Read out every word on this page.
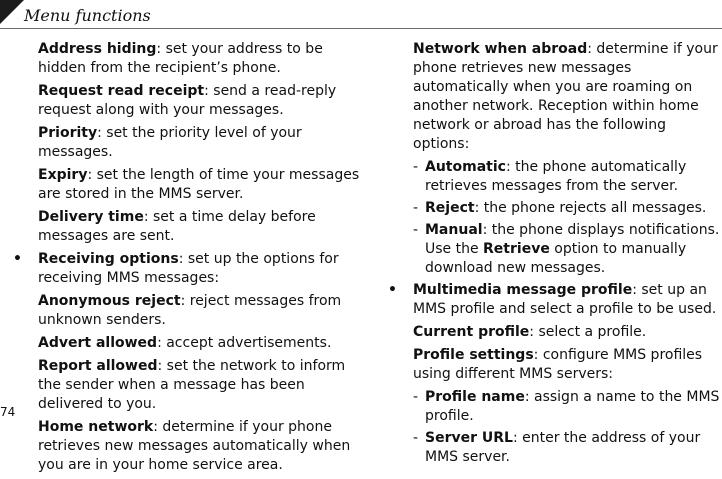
Menu functions

Address hiding: set your address to be hidden from the recipient’s phone.

Request read receipt: send a read-reply request along with your messages.

Priority: set the priority level of your messages.

Expiry: set the length of time your messages are stored in the MMS server.

Delivery time: set a time delay before messages are sent.

• Receiving options: set up the options for receiving MMS messages:

Anonymous reject: reject messages from unknown senders.

Advert allowed: accept advertisements.

Report allowed: set the network to inform the sender when a message has been delivered to you.

Home network: determine if your phone retrieves new messages automatically when you are in your home service area.

Network when abroad: determine if your phone retrieves new messages automatically when you are roaming on another network. Reception within home network or abroad has the following options:

- Automatic: the phone automatically retrieves messages from the server.

- Reject: the phone rejects all messages.

- Manual: the phone displays notifications. Use the Retrieve option to manually download new messages.

• Multimedia message profile: set up an MMS profile and select a profile to be used.

Current profile: select a profile.

Profile settings: configure MMS profiles using different MMS servers:

- Profile name: assign a name to the MMS profile.

- Server URL: enter the address of your MMS server.

74
